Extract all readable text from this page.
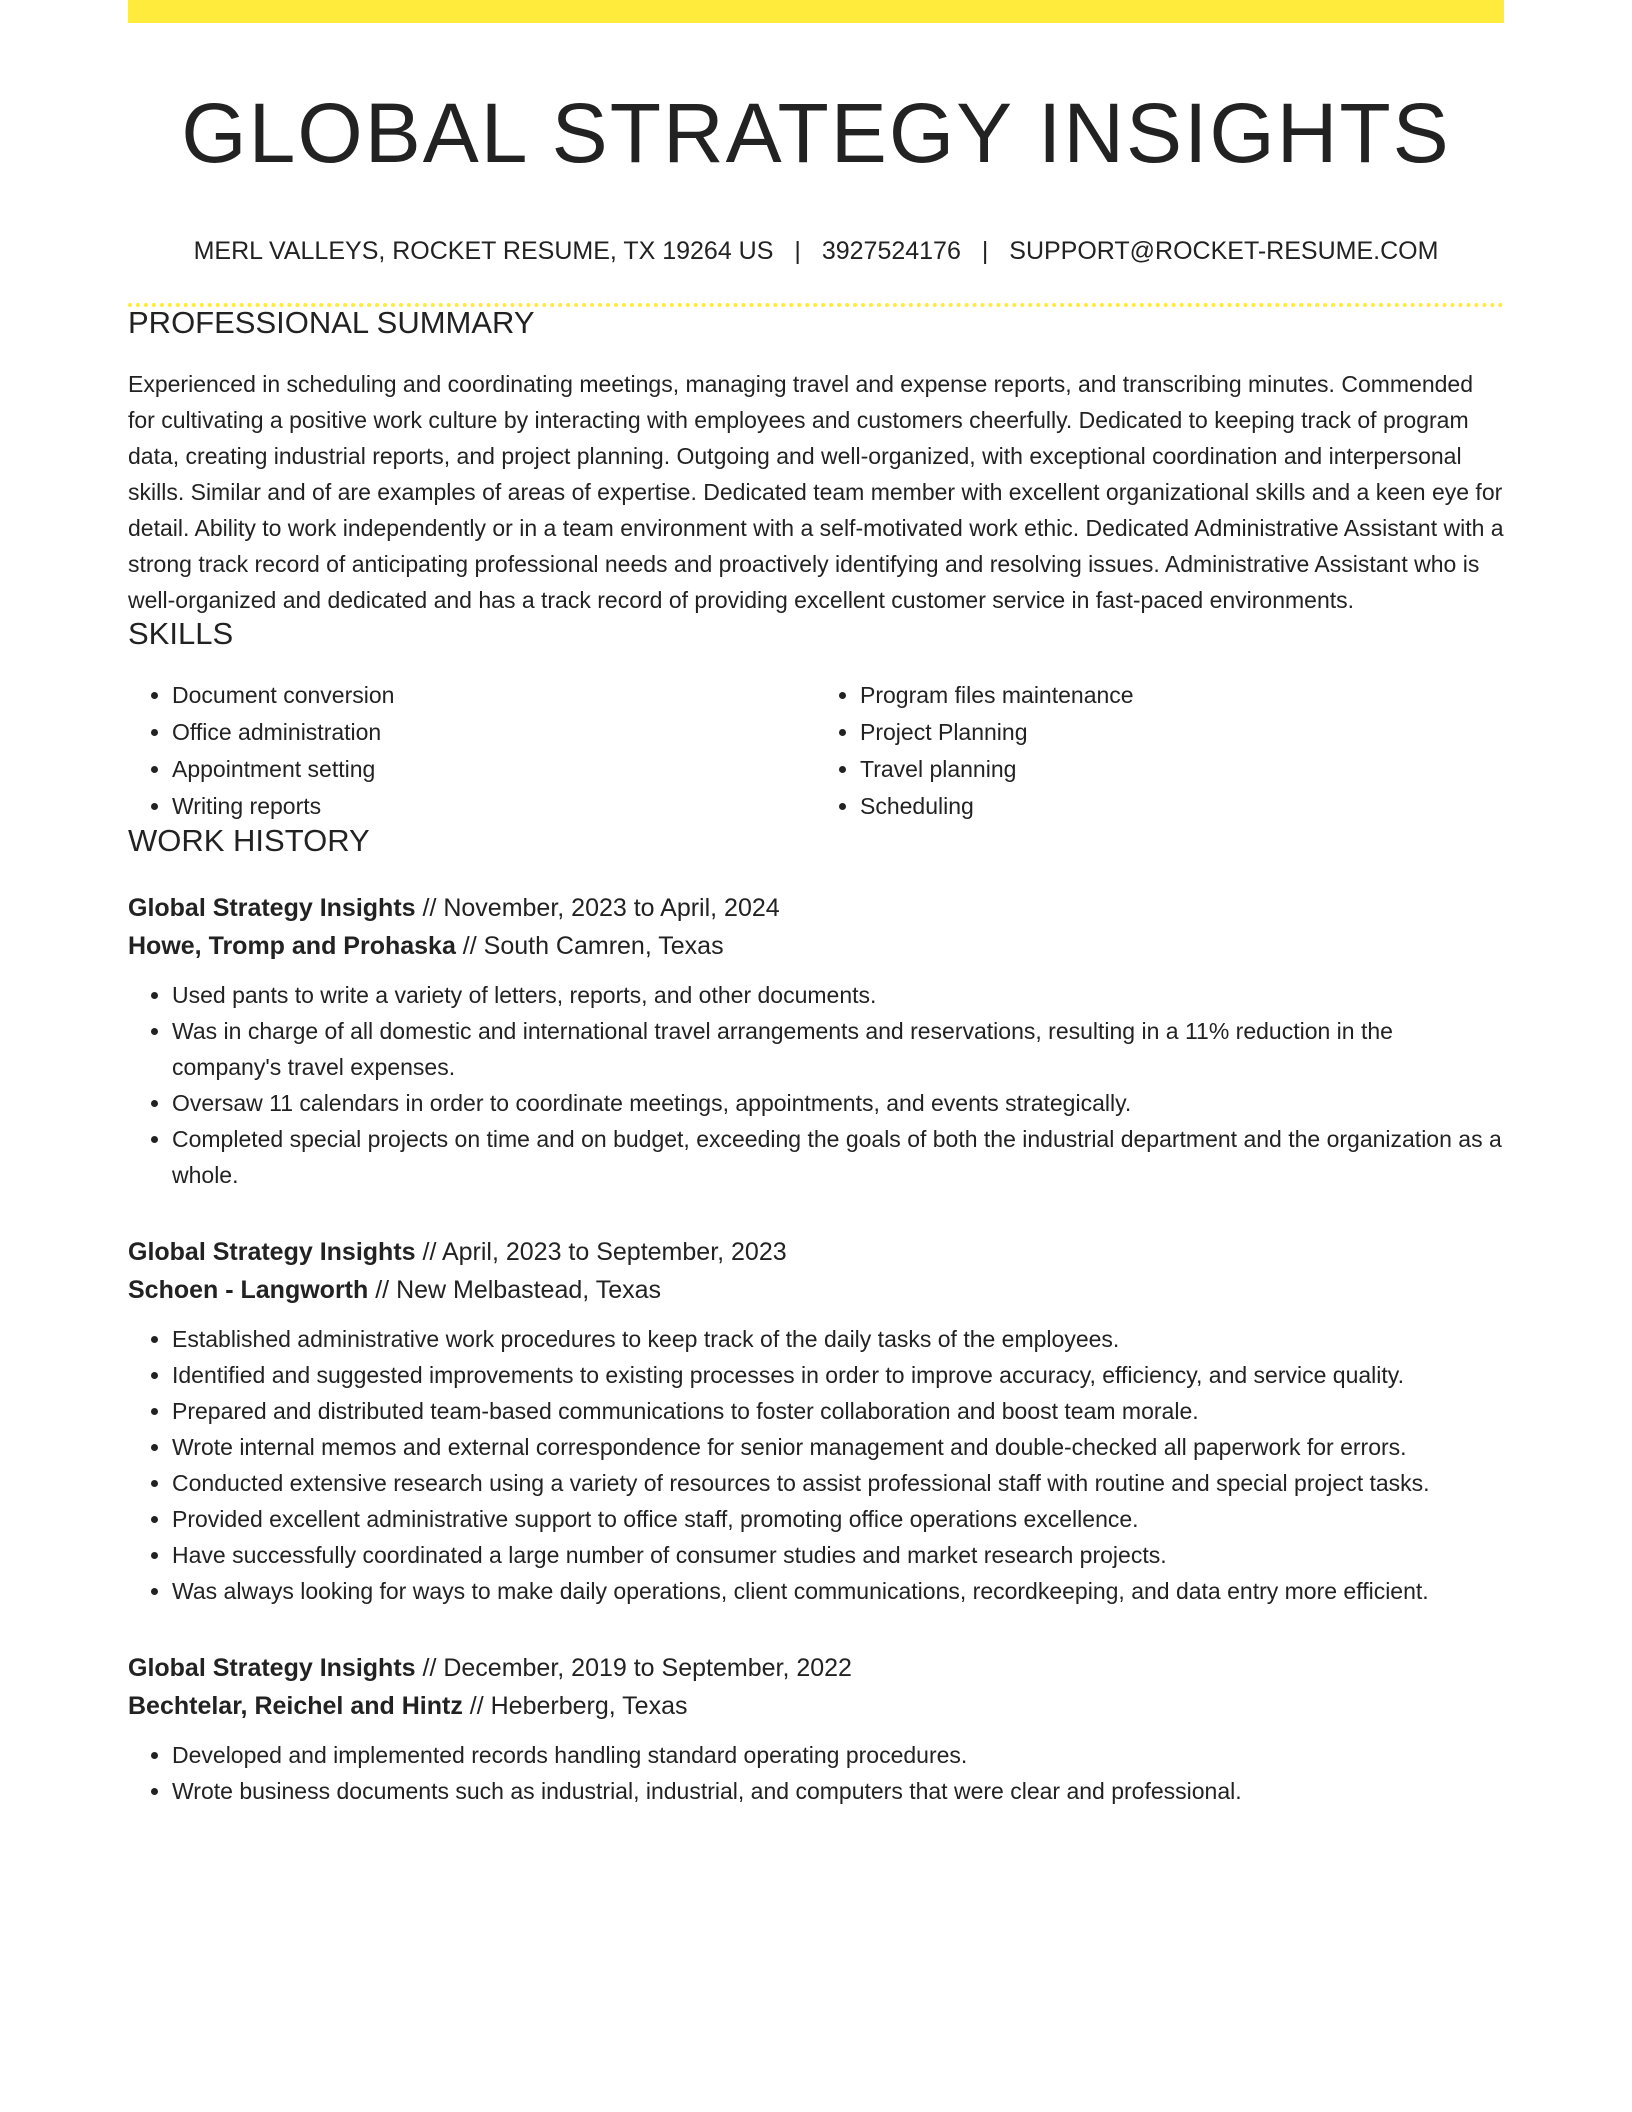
GLOBAL STRATEGY INSIGHTS
MERL VALLEYS, ROCKET RESUME, TX 19264 US | 3927524176 | SUPPORT@ROCKET-RESUME.COM
PROFESSIONAL SUMMARY

Experienced in scheduling and coordinating meetings, managing travel and expense reports, and transcribing minutes. Commended for cultivating a positive work culture by interacting with employees and customers cheerfully. Dedicated to keeping track of program data, creating industrial reports, and project planning. Outgoing and well-organized, with exceptional coordination and interpersonal skills. Similar and of are examples of areas of expertise. Dedicated team member with excellent organizational skills and a keen eye for detail. Ability to work independently or in a team environment with a self-motivated work ethic. Dedicated Administrative Assistant with a strong track record of anticipating professional needs and proactively identifying and resolving issues. Administrative Assistant who is well-organized and dedicated and has a track record of providing excellent customer service in fast-paced environments.

SKILLS
• Document conversion
• Office administration
• Appointment setting
• Writing reports
• Program files maintenance
• Project Planning
• Travel planning
• Scheduling
WORK HISTORY
Global Strategy Insights // November, 2023 to April, 2024
Howe, Tromp and Prohaska // South Camren, Texas
• Used pants to write a variety of letters, reports, and other documents.
• Was in charge of all domestic and international travel arrangements and reservations, resulting in a 11% reduction in the company's travel expenses.
• Oversaw 11 calendars in order to coordinate meetings, appointments, and events strategically.
• Completed special projects on time and on budget, exceeding the goals of both the industrial department and the organization as a whole.
Global Strategy Insights // April, 2023 to September, 2023
Schoen - Langworth // New Melbastead, Texas
• Established administrative work procedures to keep track of the daily tasks of the employees.
• Identified and suggested improvements to existing processes in order to improve accuracy, efficiency, and service quality.
• Prepared and distributed team-based communications to foster collaboration and boost team morale.
• Wrote internal memos and external correspondence for senior management and double-checked all paperwork for errors.
• Conducted extensive research using a variety of resources to assist professional staff with routine and special project tasks.
• Provided excellent administrative support to office staff, promoting office operations excellence.
• Have successfully coordinated a large number of consumer studies and market research projects.
• Was always looking for ways to make daily operations, client communications, recordkeeping, and data entry more efficient.
Global Strategy Insights // December, 2019 to September, 2022
Bechtelar, Reichel and Hintz // Heberberg, Texas
• Developed and implemented records handling standard operating procedures.
• Wrote business documents such as industrial, industrial, and computers that were clear and professional.
